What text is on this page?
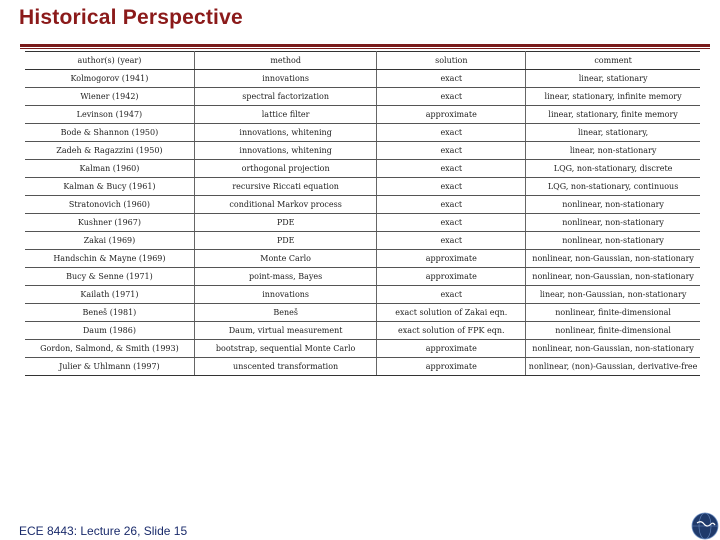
Historical Perspective
author(s) (year)	method	solution	comment
Kolmogorov (1941)	innovations	exact	linear, stationary
Wiener (1942)	spectral factorization	exact	linear, stationary, infinite memory
Levinson (1947)	lattice filter	approximate	linear, stationary, finite memory
Bode & Shannon (1950)	innovations, whitening	exact	linear, stationary,
Zadeh & Ragazzini (1950)	innovations, whitening	exact	linear, non-stationary
Kalman (1960)	orthogonal projection	exact	LQG, non-stationary, discrete
Kalman & Bucy (1961)	recursive Riccati equation	exact	LQG, non-stationary, continuous
Stratonovich (1960)	conditional Markov process	exact	nonlinear, non-stationary
Kushner (1967)	PDE	exact	nonlinear, non-stationary
Zakai (1969)	PDE	exact	nonlinear, non-stationary
Handschin & Mayne (1969)	Monte Carlo	approximate	nonlinear, non-Gaussian, non-stationary
Bucy & Senne (1971)	point-mass, Bayes	approximate	nonlinear, non-Gaussian, non-stationary
Kailath (1971)	innovations	exact	linear, non-Gaussian, non-stationary
Beneš (1981)	Beneš	exact solution of Zakai eqn.	nonlinear, finite-dimensional
Daum (1986)	Daum, virtual measurement	exact solution of FPK eqn.	nonlinear, finite-dimensional
Gordon, Salmond, & Smith (1993)	bootstrap, sequential Monte Carlo	approximate	nonlinear, non-Gaussian, non-stationary
Julier & Uhlmann (1997)	unscented transformation	approximate	nonlinear, (non)-Gaussian, derivative-free
ECE 8443: Lecture 26, Slide 15
